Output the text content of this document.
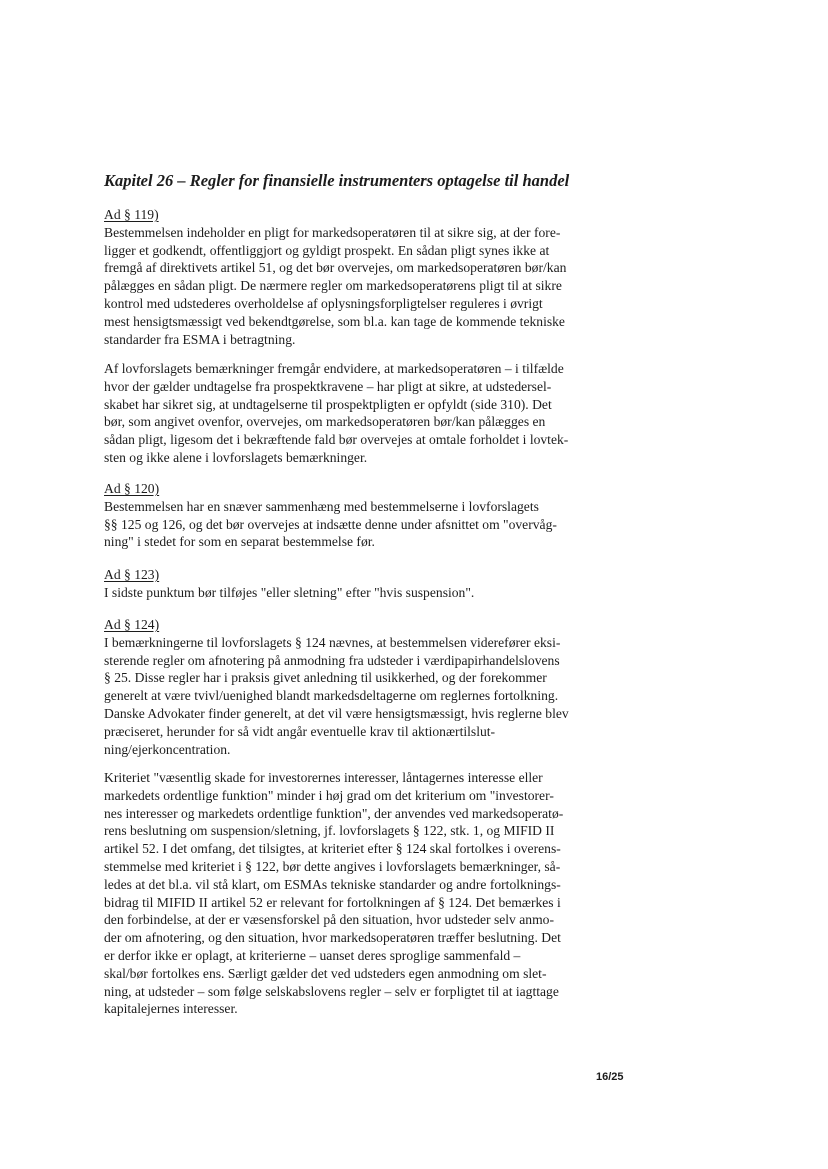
Kapitel 26 – Regler for finansielle instrumenters optagelse til handel
Ad § 119)
Bestemmelsen indeholder en pligt for markedsoperatøren til at sikre sig, at der fore-
ligger et godkendt, offentliggjort og gyldigt prospekt. En sådan pligt synes ikke at
fremgå af direktivets artikel 51, og det bør overvejes, om markedsoperatøren bør/kan
pålægges en sådan pligt. De nærmere regler om markedsoperatørens pligt til at sikre
kontrol med udstederes overholdelse af oplysningsforpligtelser reguleres i øvrigt
mest hensigtsmæssigt ved bekendtgørelse, som bl.a. kan tage de kommende tekniske
standarder fra ESMA i betragtning.
Af lovforslagets bemærkninger fremgår endvidere, at markedsoperatøren – i tilfælde
hvor der gælder undtagelse fra prospektkravene – har pligt at sikre, at udstedersel-
skabet har sikret sig, at undtagelserne til prospektpligten er opfyldt (side 310). Det
bør, som angivet ovenfor, overvejes, om markedsoperatøren bør/kan pålægges en
sådan pligt, ligesom det i bekræftende fald bør overvejes at omtale forholdet i lovtek-
sten og ikke alene i lovforslagets bemærkninger.
Ad § 120)
Bestemmelsen har en snæver sammenhæng med bestemmelserne i lovforslagets
§§ 125 og 126, og det bør overvejes at indsætte denne under afsnittet om "overvåg-
ning" i stedet for som en separat bestemmelse før.
Ad § 123)
I sidste punktum bør tilføjes "eller sletning" efter "hvis suspension".
Ad § 124)
I bemærkningerne til lovforslagets § 124 nævnes, at bestemmelsen viderefører eksi-
sterende regler om afnotering på anmodning fra udsteder i værdipapirhandelslovens
§ 25. Disse regler har i praksis givet anledning til usikkerhed, og der forekommer
generelt at være tvivl/uenighed blandt markedsdeltagerne om reglernes fortolkning.
Danske Advokater finder generelt, at det vil være hensigtsmæssigt, hvis reglerne blev
præciseret, herunder for så vidt angår eventuelle krav til aktionærtilslut-
ning/ejerkoncentration.
Kriteriet "væsentlig skade for investorernes interesser, låntagernes interesse eller
markedets ordentlige funktion" minder i høj grad om det kriterium om "investorer-
nes interesser og markedets ordentlige funktion", der anvendes ved markedsoperatø-
rens beslutning om suspension/sletning, jf. lovforslagets § 122, stk. 1, og MIFID II
artikel 52. I det omfang, det tilsigtes, at kriteriet efter § 124 skal fortolkes i overens-
stemmelse med kriteriet i § 122, bør dette angives i lovforslagets bemærkninger, så-
ledes at det bl.a. vil stå klart, om ESMAs tekniske standarder og andre fortolknings-
bidrag til MIFID II artikel 52 er relevant for fortolkningen af § 124. Det bemærkes i
den forbindelse, at der er væsensforskel på den situation, hvor udsteder selv anmo-
der om afnotering, og den situation, hvor markedsoperatøren træffer beslutning. Det
er derfor ikke er oplagt, at kriterierne – uanset deres sproglige sammenfald –
skal/bør fortolkes ens. Særligt gælder det ved udsteders egen anmodning om slet-
ning, at udsteder – som følge selskabslovens regler – selv er forpligtet til at iagttage
kapitalejernes interesser.

16/25
